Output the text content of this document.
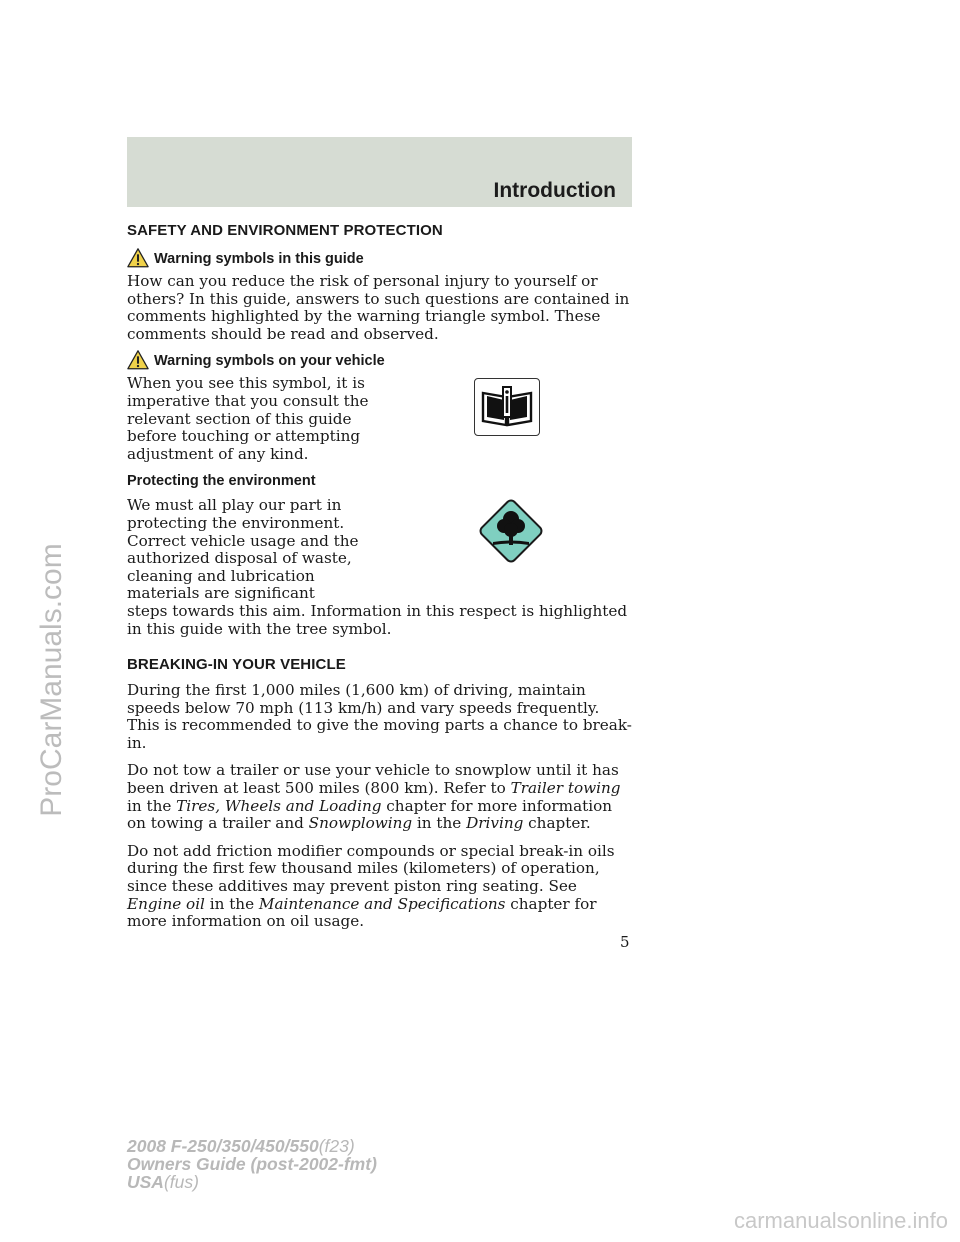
Introduction
ProCarManuals.com
SAFETY AND ENVIRONMENT PROTECTION
Warning symbols in this guide

How can you reduce the risk of personal injury to yourself or others? In this guide, answers to such questions are contained in comments highlighted by the warning triangle symbol. These comments should be read and observed.

Warning symbols on your vehicle

When you see this symbol, it is imperative that you consult the relevant section of this guide before touching or attempting adjustment of any kind.

Protecting the environment

We must all play our part in protecting the environment. Correct vehicle usage and the authorized disposal of waste, cleaning and lubrication materials are significant

steps towards this aim. Information in this respect is highlighted in this guide with the tree symbol.

BREAKING-IN YOUR VEHICLE

During the first 1,000 miles (1,600 km) of driving, maintain speeds below 70 mph (113 km/h) and vary speeds frequently. This is recommended to give the moving parts a chance to break-in.

Do not tow a trailer or use your vehicle to snowplow until it has been driven at least 500 miles (800 km). Refer to Trailer towing in the Tires, Wheels and Loading chapter for more information on towing a trailer and Snowplowing in the Driving chapter.

Do not add friction modifier compounds or special break-in oils during the first few thousand miles (kilometers) of operation, since these additives may prevent piston ring seating. See Engine oil in the Maintenance and Specifications chapter for more information on oil usage.

5
2008 F-250/350/450/550(f23)
Owners Guide (post-2002-fmt)
USA(fus)
carmanualsonline.info
